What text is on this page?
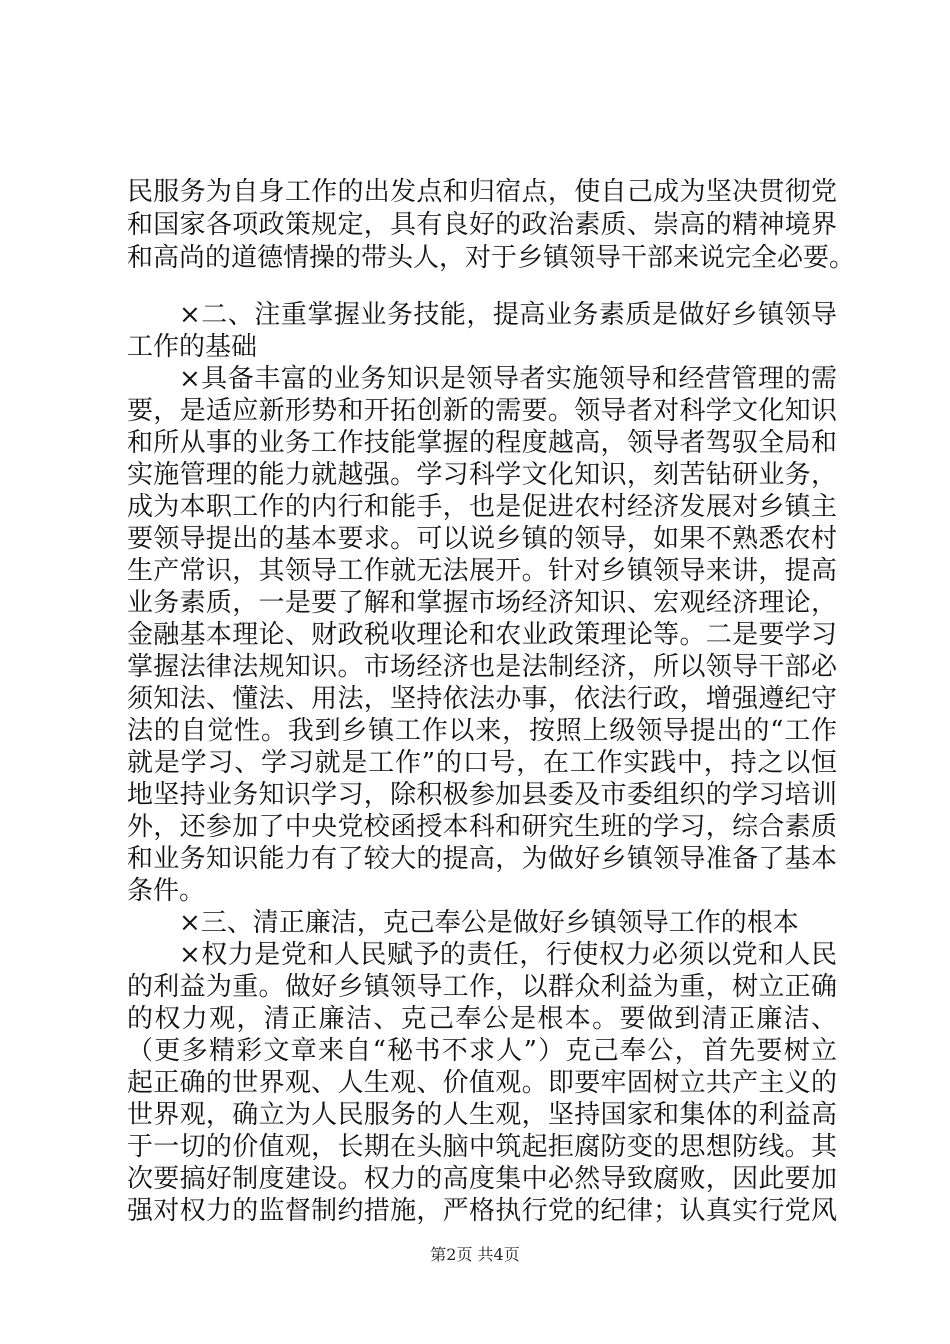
民服务为自身工作的出发点和归宿点，使自己成为坚决贯彻党
和国家各项政策规定，具有良好的政治素质、崇高的精神境界
和高尚的道德情操的带头人，对于乡镇领导干部来说完全必要。
×二、注重掌握业务技能，提高业务素质是做好乡镇领导
工作的基础
×具备丰富的业务知识是领导者实施领导和经营管理的需
要，是适应新形势和开拓创新的需要。领导者对科学文化知识
和所从事的业务工作技能掌握的程度越高，领导者驾驭全局和
实施管理的能力就越强。学习科学文化知识，刻苦钻研业务，
成为本职工作的内行和能手，也是促进农村经济发展对乡镇主
要领导提出的基本要求。可以说乡镇的领导，如果不熟悉农村
生产常识，其领导工作就无法展开。针对乡镇领导来讲，提高
业务素质，一是要了解和掌握市场经济知识、宏观经济理论，
金融基本理论、财政税收理论和农业政策理论等。二是要学习
掌握法律法规知识。市场经济也是法制经济，所以领导干部必
须知法、懂法、用法，坚持依法办事，依法行政，增强遵纪守
法的自觉性。我到乡镇工作以来，按照上级领导提出的“工作
就是学习、学习就是工作”的口号，在工作实践中，持之以恒
地坚持业务知识学习，除积极参加县委及市委组织的学习培训
外，还参加了中央党校函授本科和研究生班的学习，综合素质
和业务知识能力有了较大的提高，为做好乡镇领导准备了基本
条件。
×三、清正廉洁，克己奉公是做好乡镇领导工作的根本
×权力是党和人民赋予的责任，行使权力必须以党和人民
的利益为重。做好乡镇领导工作，以群众利益为重，树立正确
的权力观，清正廉洁、克己奉公是根本。要做到清正廉洁、
（更多精彩文章来自“秘书不求人”）克己奉公，首先要树立
起正确的世界观、人生观、价值观。即要牢固树立共产主义的
世界观，确立为人民服务的人生观，坚持国家和集体的利益高
于一切的价值观，长期在头脑中筑起拒腐防变的思想防线。其
次要搞好制度建设。权力的高度集中必然导致腐败，因此要加
强对权力的监督制约措施，严格执行党的纪律；认真实行党风
第2页 共4页
